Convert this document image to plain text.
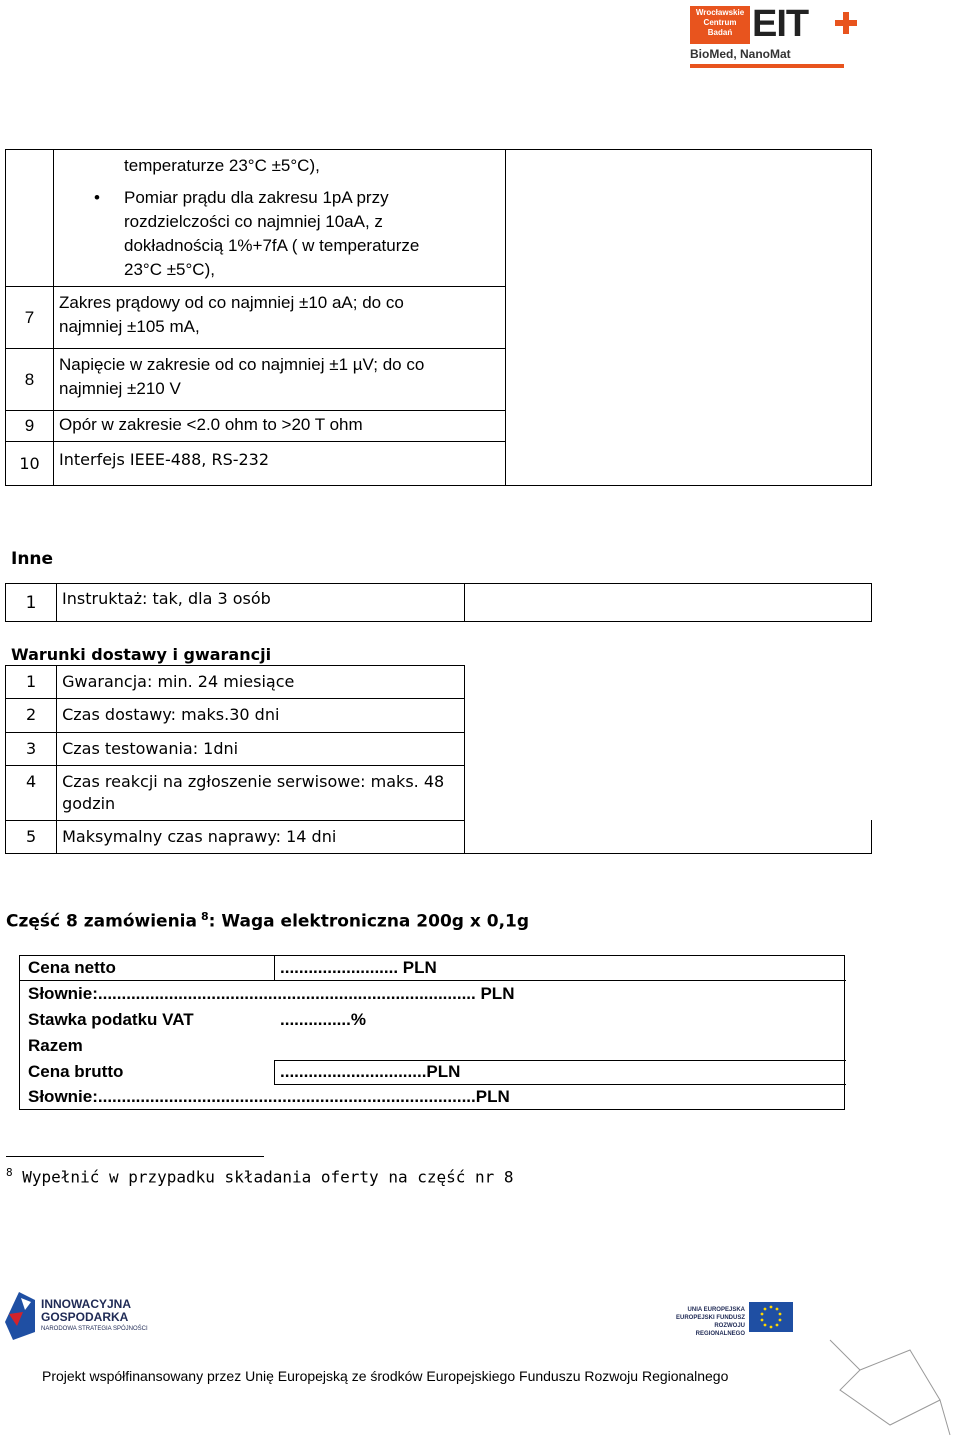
Wrocławskie
Centrum
Badań EIT
BioMed, NanoMat

	temperaturze 23°C ±5°C),	

	• Pomiar prądu dla zakresu 1pA przy
rozdzielczości co najmniej 10aA, z
dokładnością 1%+7fA ( w temperaturze
23°C ±5°C),	

7	Zakres prądowy od co najmniej ±10 aA; do co
najmniej ±105 mA,	

8	Napięcie w zakresie od co najmniej ±1 µV; do co
najmniej ±210 V	

9	Opór w zakresie <2.0 ohm to >20 T ohm	

10	Interfejs IEEE-488, RS-232	
Inne
1	Instruktaż: tak, dla 3 osób	
Warunki dostawy i gwarancji
1	Gwarancja: min. 24 miesiące	
2	Czas dostawy: maks.30 dni	
3	Czas testowania: 1dni	
4	Czas reakcji na zgłoszenie serwisowe: maks. 48 godzin	
5	Maksymalny czas naprawy: 14 dni	
Część 8 zamówienia $^8$: Waga elektroniczna 200g x 0,1g
Cena netto	......................... PLN
Słownie:................................................................................ PLN
Stawka podatku VAT	...............%
Razem
Cena brutto	...............................PLN
Słownie:................................................................................PLN
$^8$ Wypełnić w przypadku składania oferty na część nr 8
INNOWACYJNA
GOSPODARKA
NARODOWA STRATEGIA SPÓJNOŚCI
UNIA EUROPEJSKA
EUROPEJSKI FUNDUSZ
ROZWOJU REGIONALNEGO
Projekt współfinansowany przez Unię Europejską ze środków Europejskiego Funduszu Rozwoju Regionalnego
